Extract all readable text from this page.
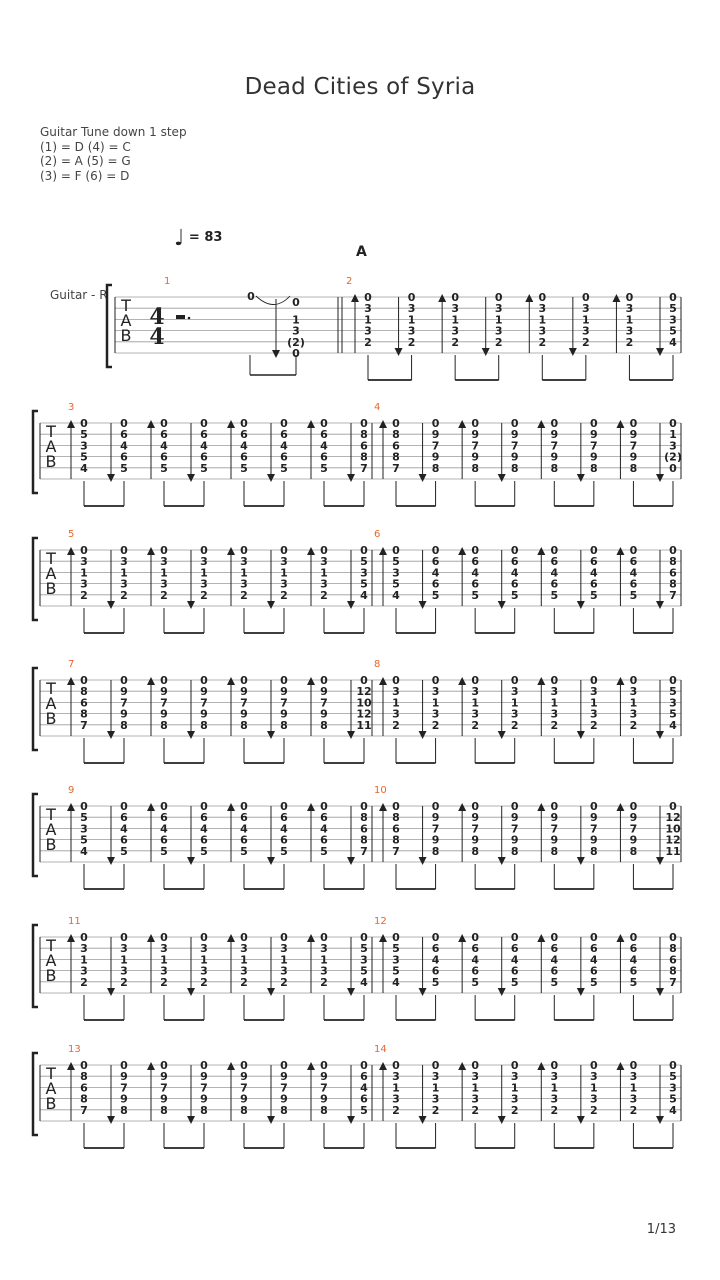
Dead Cities of Syria
Guitar Tune down 1 step
(1) = D (4) = C
(2) = A (5) = G
(3) = F (6) = D
♩ = 83
A
Guitar - R
1/13
T
A
B
4
4
1
0	0
1
3
(2)
0
2
0
3
1
3
2
0
3
1
3
2
0
3
1
3
2
0
3
1
3
2
0
3
1
3
2
0
3
1
3
2
0
3
1
3
2
0
5
3
5
4
T
A
B
3
0
5
3
5
4
0
6
4
6
5
0
6
4
6
5
0
6
4
6
5
0
6
4
6
5
0
6
4
6
5
0
6
4
6
5
0
8
6
8
7
4
0
8
6
8
7
0
9
7
9
8
0
9
7
9
8
0
9
7
9
8
0
9
7
9
8
0
9
7
9
8
0
9
7
9
8
0
1
3
(2)
0
T
A
B
5
0
3
1
3
2
0
3
1
3
2
0
3
1
3
2
0
3
1
3
2
0
3
1
3
2
0
3
1
3
2
0
3
1
3
2
0
5
3
5
4
6
0
5
3
5
4
0
6
4
6
5
0
6
4
6
5
0
6
4
6
5
0
6
4
6
5
0
6
4
6
5
0
6
4
6
5
0
8
6
8
7
T
A
B
7
0
8
6
8
7
0
9
7
9
8
0
9
7
9
8
0
9
7
9
8
0
9
7
9
8
0
9
7
9
8
0
9
7
9
8
0
12
10
12
11
8
0
3
1
3
2
0
3
1
3
2
0
3
1
3
2
0
3
1
3
2
0
3
1
3
2
0
3
1
3
2
0
3
1
3
2
0
5
3
5
4
T
A
B
9
0
5
3
5
4
0
6
4
6
5
0
6
4
6
5
0
6
4
6
5
0
6
4
6
5
0
6
4
6
5
0
6
4
6
5
0
8
6
8
7
10
0
8
6
8
7
0
9
7
9
8
0
9
7
9
8
0
9
7
9
8
0
9
7
9
8
0
9
7
9
8
0
9
7
9
8
0
12
10
12
11
T
A
B
11
0
3
1
3
2
0
3
1
3
2
0
3
1
3
2
0
3
1
3
2
0
3
1
3
2
0
3
1
3
2
0
3
1
3
2
0
5
3
5
4
12
0
5
3
5
4
0
6
4
6
5
0
6
4
6
5
0
6
4
6
5
0
6
4
6
5
0
6
4
6
5
0
6
4
6
5
0
8
6
8
7
T
A
B
13
0
8
6
8
7
0
9
7
9
8
0
9
7
9
8
0
9
7
9
8
0
9
7
9
8
0
9
7
9
8
0
9
7
9
8
0
6
4
6
5
14
0
3
1
3
2
0
3
1
3
2
0
3
1
3
2
0
3
1
3
2
0
3
1
3
2
0
3
1
3
2
0
3
1
3
2
0
5
3
5
4
